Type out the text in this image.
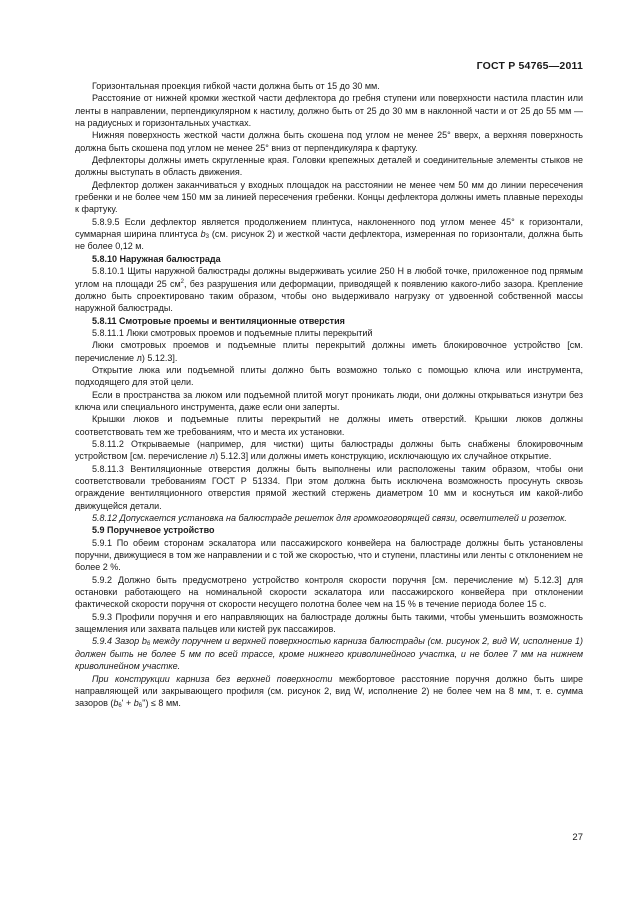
ГОСТ Р 54765—2011

Горизонтальная проекция гибкой части должна быть от 15 до 30 мм.

Расстояние от нижней кромки жесткой части дефлектора до гребня ступени или поверхности настила пластин или ленты в направлении, перпендикулярном к настилу, должно быть от 25 до 30 мм в наклонной части и от 25 до 55 мм — на радиусных и горизонтальных участках.

Нижняя поверхность жесткой части должна быть скошена под углом не менее 25° вверх, а верхняя поверхность должна быть скошена под углом не менее 25° вниз от перпендикуляра к фартуку.

Дефлекторы должны иметь скругленные края. Головки крепежных деталей и соединительные элементы стыков не должны выступать в область движения.

Дефлектор должен заканчиваться у входных площадок на расстоянии не менее чем 50 мм до линии пересечения гребенки и не более чем 150 мм за линией пересечения гребенки. Концы дефлектора должны иметь плавные переходы к фартуку.

5.8.9.5 Если дефлектор является продолжением плинтуса, наклоненного под углом менее 45° к горизонтали, суммарная ширина плинтуса $b_3$ (см. рисунок 2) и жесткой части дефлектора, измеренная по горизонтали, должна быть не более 0,12 м.

5.8.10 Наружная балюстрада

5.8.10.1 Щиты наружной балюстрады должны выдерживать усилие 250 Н в любой точке, приложенное под прямым углом на площади 25 $см^2$, без разрушения или деформации, приводящей к появлению какого-либо зазора. Крепление должно быть спроектировано таким образом, чтобы оно выдерживало нагрузку от удвоенной собственной массы наружной балюстрады.

5.8.11 Смотровые проемы и вентиляционные отверстия

5.8.11.1 Люки смотровых проемов и подъемные плиты перекрытий

Люки смотровых проемов и подъемные плиты перекрытий должны иметь блокировочное устройство [см. перечисление л) 5.12.3].

Открытие люка или подъемной плиты должно быть возможно только с помощью ключа или инструмента, подходящего для этой цели.

Если в пространства за люком или подъемной плитой могут проникать люди, они должны открываться изнутри без ключа или специального инструмента, даже если они заперты.

Крышки люков и подъемные плиты перекрытий не должны иметь отверстий. Крышки люков должны соответствовать тем же требованиям, что и места их установки.

5.8.11.2 Открываемые (например, для чистки) щиты балюстрады должны быть снабжены блокировочным устройством [см. перечисление л) 5.12.3] или должны иметь конструкцию, исключающую их случайное открытие.

5.8.11.3 Вентиляционные отверстия должны быть выполнены или расположены таким образом, чтобы они соответствовали требованиям ГОСТ Р 51334. При этом должна быть исключена возможность просунуть сквозь ограждение вентиляционного отверстия прямой жесткий стержень диаметром 10 мм и коснуться им какой-либо движущейся детали.

5.8.12 Допускается установка на балюстраде решеток для громкоговорящей связи, осветителей и розеток.

5.9 Поручневое устройство

5.9.1 По обеим сторонам эскалатора или пассажирского конвейера на балюстраде должны быть установлены поручни, движущиеся в том же направлении и с той же скоростью, что и ступени, пластины или ленты с отклонением не более 2 %.

5.9.2 Должно быть предусмотрено устройство контроля скорости поручня [см. перечисление м) 5.12.3] для остановки работающего на номинальной скорости эскалатора или пассажирского конвейера при отклонении фактической скорости поручня от скорости несущего полотна более чем на 15 % в течение периода более 15 с.

5.9.3 Профили поручня и его направляющих на балюстраде должны быть такими, чтобы уменьшить возможность защемления или захвата пальцев или кистей рук пассажиров.

5.9.4 Зазор $b_6$ между поручнем и верхней поверхностью карниза балюстрады (см. рисунок 2, вид W, исполнение 1) должен быть не более 5 мм по всей трассе, кроме нижнего криволинейного участка, и не более 7 мм на нижнем криволинейном участке.

При конструкции карниза без верхней поверхности межбортовое расстояние поручня должно быть шире направляющей или закрывающего профиля (см. рисунок 2, вид W, исполнение 2) не более чем на 8 мм, т. е. сумма зазоров $(b_6' + b_6'') \le 8$ мм.

27
